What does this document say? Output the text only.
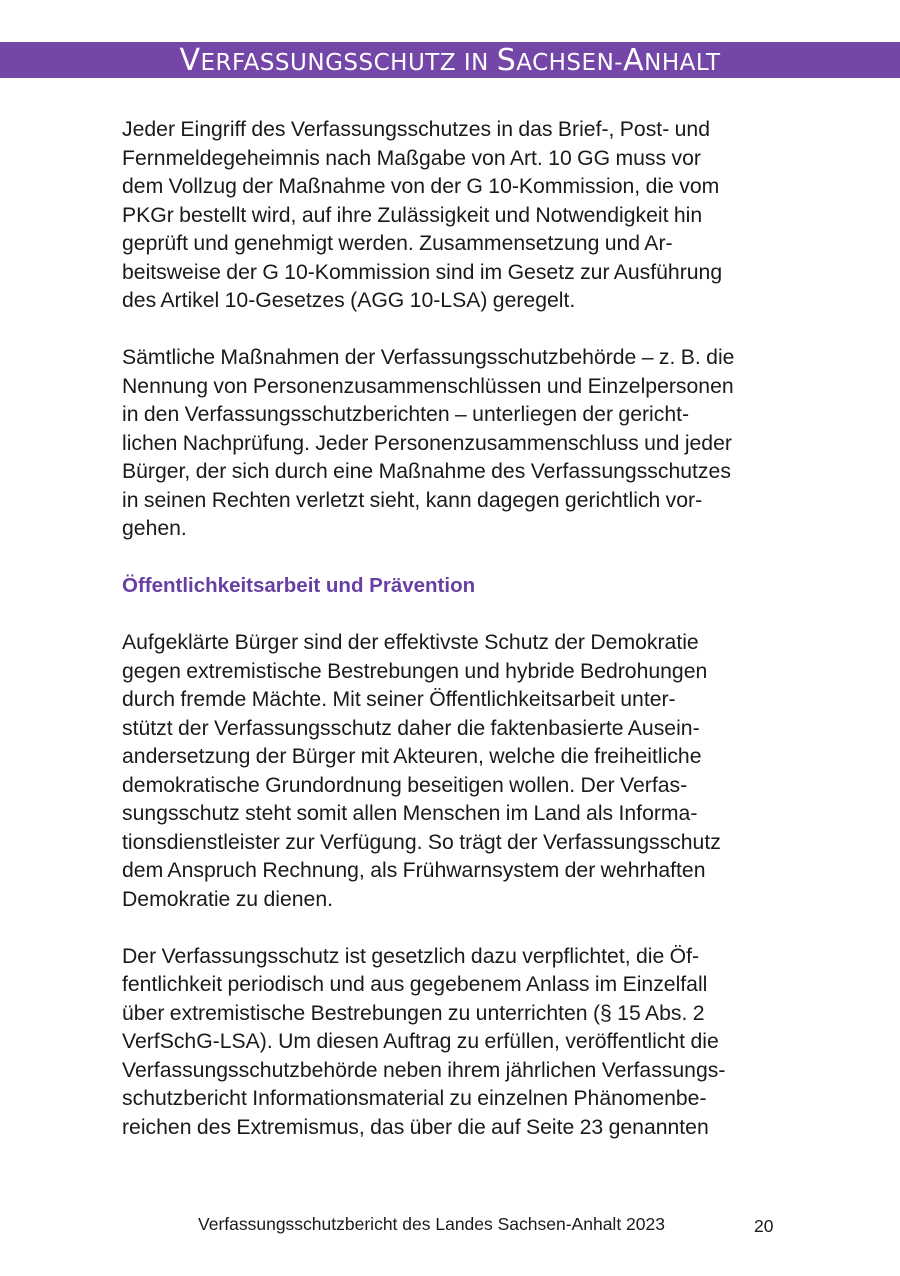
VERFASSUNGSSCHUTZ IN SACHSEN-ANHALT
Jeder Eingriff des Verfassungsschutzes in das Brief-, Post- und
Fernmeldegeheimnis nach Maßgabe von Art. 10 GG muss vor
dem Vollzug der Maßnahme von der G 10-Kommission, die vom
PKGr bestellt wird, auf ihre Zulässigkeit und Notwendigkeit hin
geprüft und genehmigt werden. Zusammensetzung und Ar-
beitsweise der G 10-Kommission sind im Gesetz zur Ausführung
des Artikel 10-Gesetzes (AGG 10-LSA) geregelt.
Sämtliche Maßnahmen der Verfassungsschutzbehörde – z. B. die
Nennung von Personenzusammenschlüssen und Einzelpersonen
in den Verfassungsschutzberichten – unterliegen der gericht-
lichen Nachprüfung. Jeder Personenzusammenschluss und jeder
Bürger, der sich durch eine Maßnahme des Verfassungsschutzes
in seinen Rechten verletzt sieht, kann dagegen gerichtlich vor-
gehen.
Öffentlichkeitsarbeit und Prävention
Aufgeklärte Bürger sind der effektivste Schutz der Demokratie
gegen extremistische Bestrebungen und hybride Bedrohungen
durch fremde Mächte. Mit seiner Öffentlichkeitsarbeit unter-
stützt der Verfassungsschutz daher die faktenbasierte Ausein-
andersetzung der Bürger mit Akteuren, welche die freiheitliche
demokratische Grundordnung beseitigen wollen. Der Verfas-
sungsschutz steht somit allen Menschen im Land als Informa-
tionsdienstleister zur Verfügung. So trägt der Verfassungsschutz
dem Anspruch Rechnung, als Frühwarnsystem der wehrhaften
Demokratie zu dienen.
Der Verfassungsschutz ist gesetzlich dazu verpflichtet, die Öf-
fentlichkeit periodisch und aus gegebenem Anlass im Einzelfall
über extremistische Bestrebungen zu unterrichten (§ 15 Abs. 2
VerfSchG-LSA). Um diesen Auftrag zu erfüllen, veröffentlicht die
Verfassungsschutzbehörde neben ihrem jährlichen Verfassungs-
schutzbericht Informationsmaterial zu einzelnen Phänomenbe-
reichen des Extremismus, das über die auf Seite 23 genannten
Verfassungsschutzbericht des Landes Sachsen-Anhalt 2023	20
